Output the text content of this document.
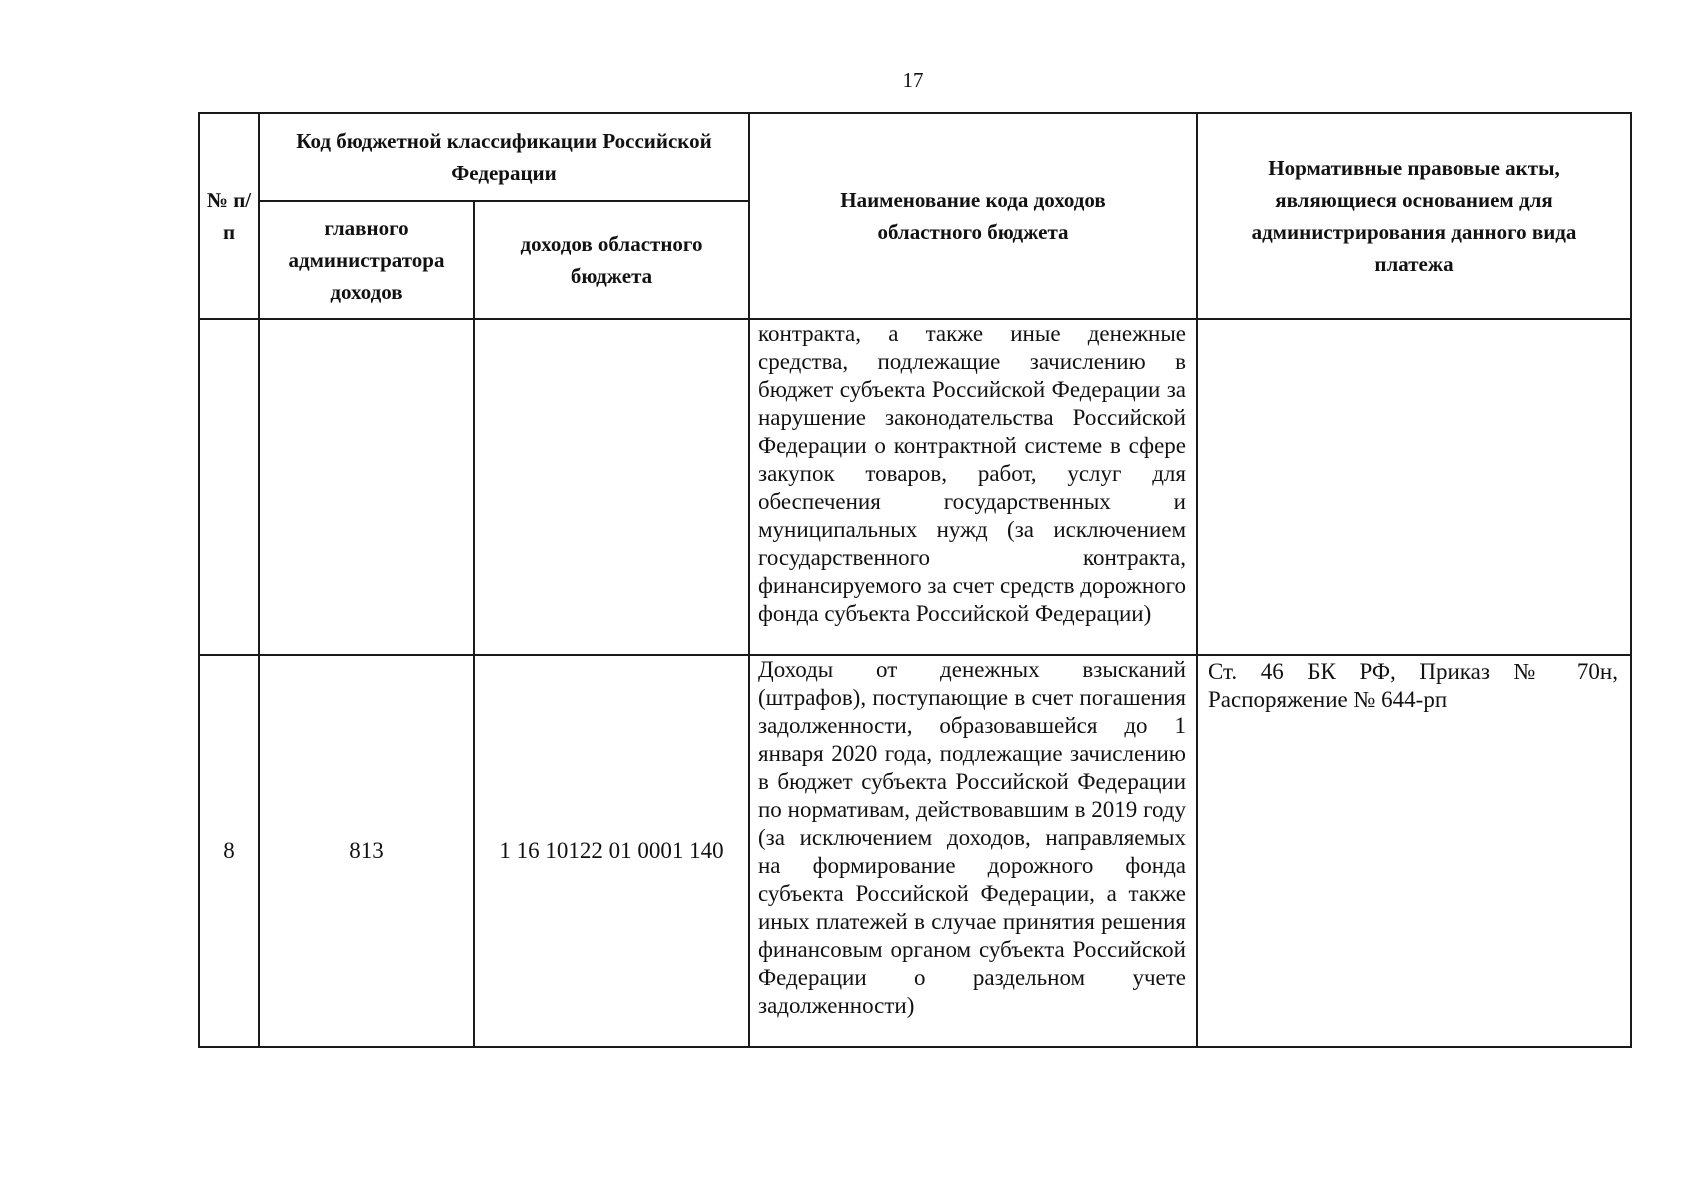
17
№ п/п	Код бюджетной классификации Российской Федерации		Наименование кода доходов областного бюджета	Нормативные правовые акты, являющиеся основанием для администрирования данного вида платежа
	главного администратора доходов	доходов областного бюджета		
			контракта, а также иные денежные средства, подлежащие зачислению в бюджет субъекта Российской Федерации за нарушение законодательства Российской Федерации о контрактной системе в сфере закупок товаров, работ, услуг для обеспечения государственных и муниципальных нужд (за исключением государственного контракта, финансируемого за счет средств дорожного фонда субъекта Российской Федерации)	
8	813	1 16 10122 01 0001 140	Доходы от денежных взысканий (штрафов), поступающие в счет погашения задолженности, образовавшейся до 1 января 2020 года, подлежащие зачислению в бюджет субъекта Российской Федерации по нормативам, действовавшим в 2019 году (за исключением доходов, направляемых на формирование дорожного фонда субъекта Российской Федерации, а также иных платежей в случае принятия решения финансовым органом субъекта Российской Федерации о раздельном учете задолженности)	Ст. 46 БК РФ, Приказ № 70н, Распоряжение № 644-рп
